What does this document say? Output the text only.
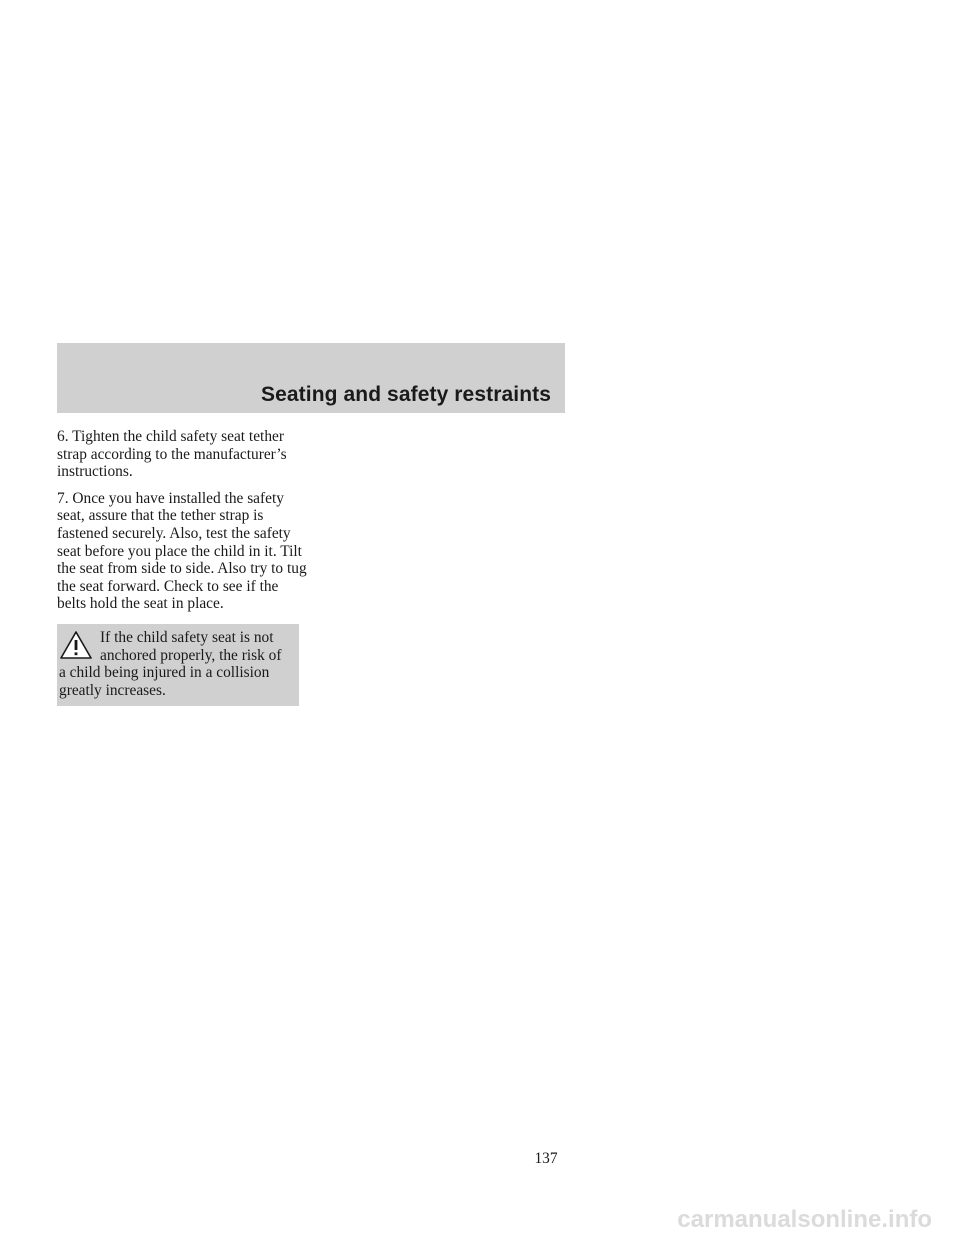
Seating and safety restraints

6. Tighten the child safety seat tether strap according to the manufacturer’s instructions.

7. Once you have installed the safety seat, assure that the tether strap is fastened securely. Also, test the safety seat before you place the child in it. Tilt the seat from side to side. Also try to tug the seat forward. Check to see if the belts hold the seat in place.

If the child safety seat is not anchored properly, the risk of a child being injured in a collision greatly increases.
137
carmanualsonline.info
